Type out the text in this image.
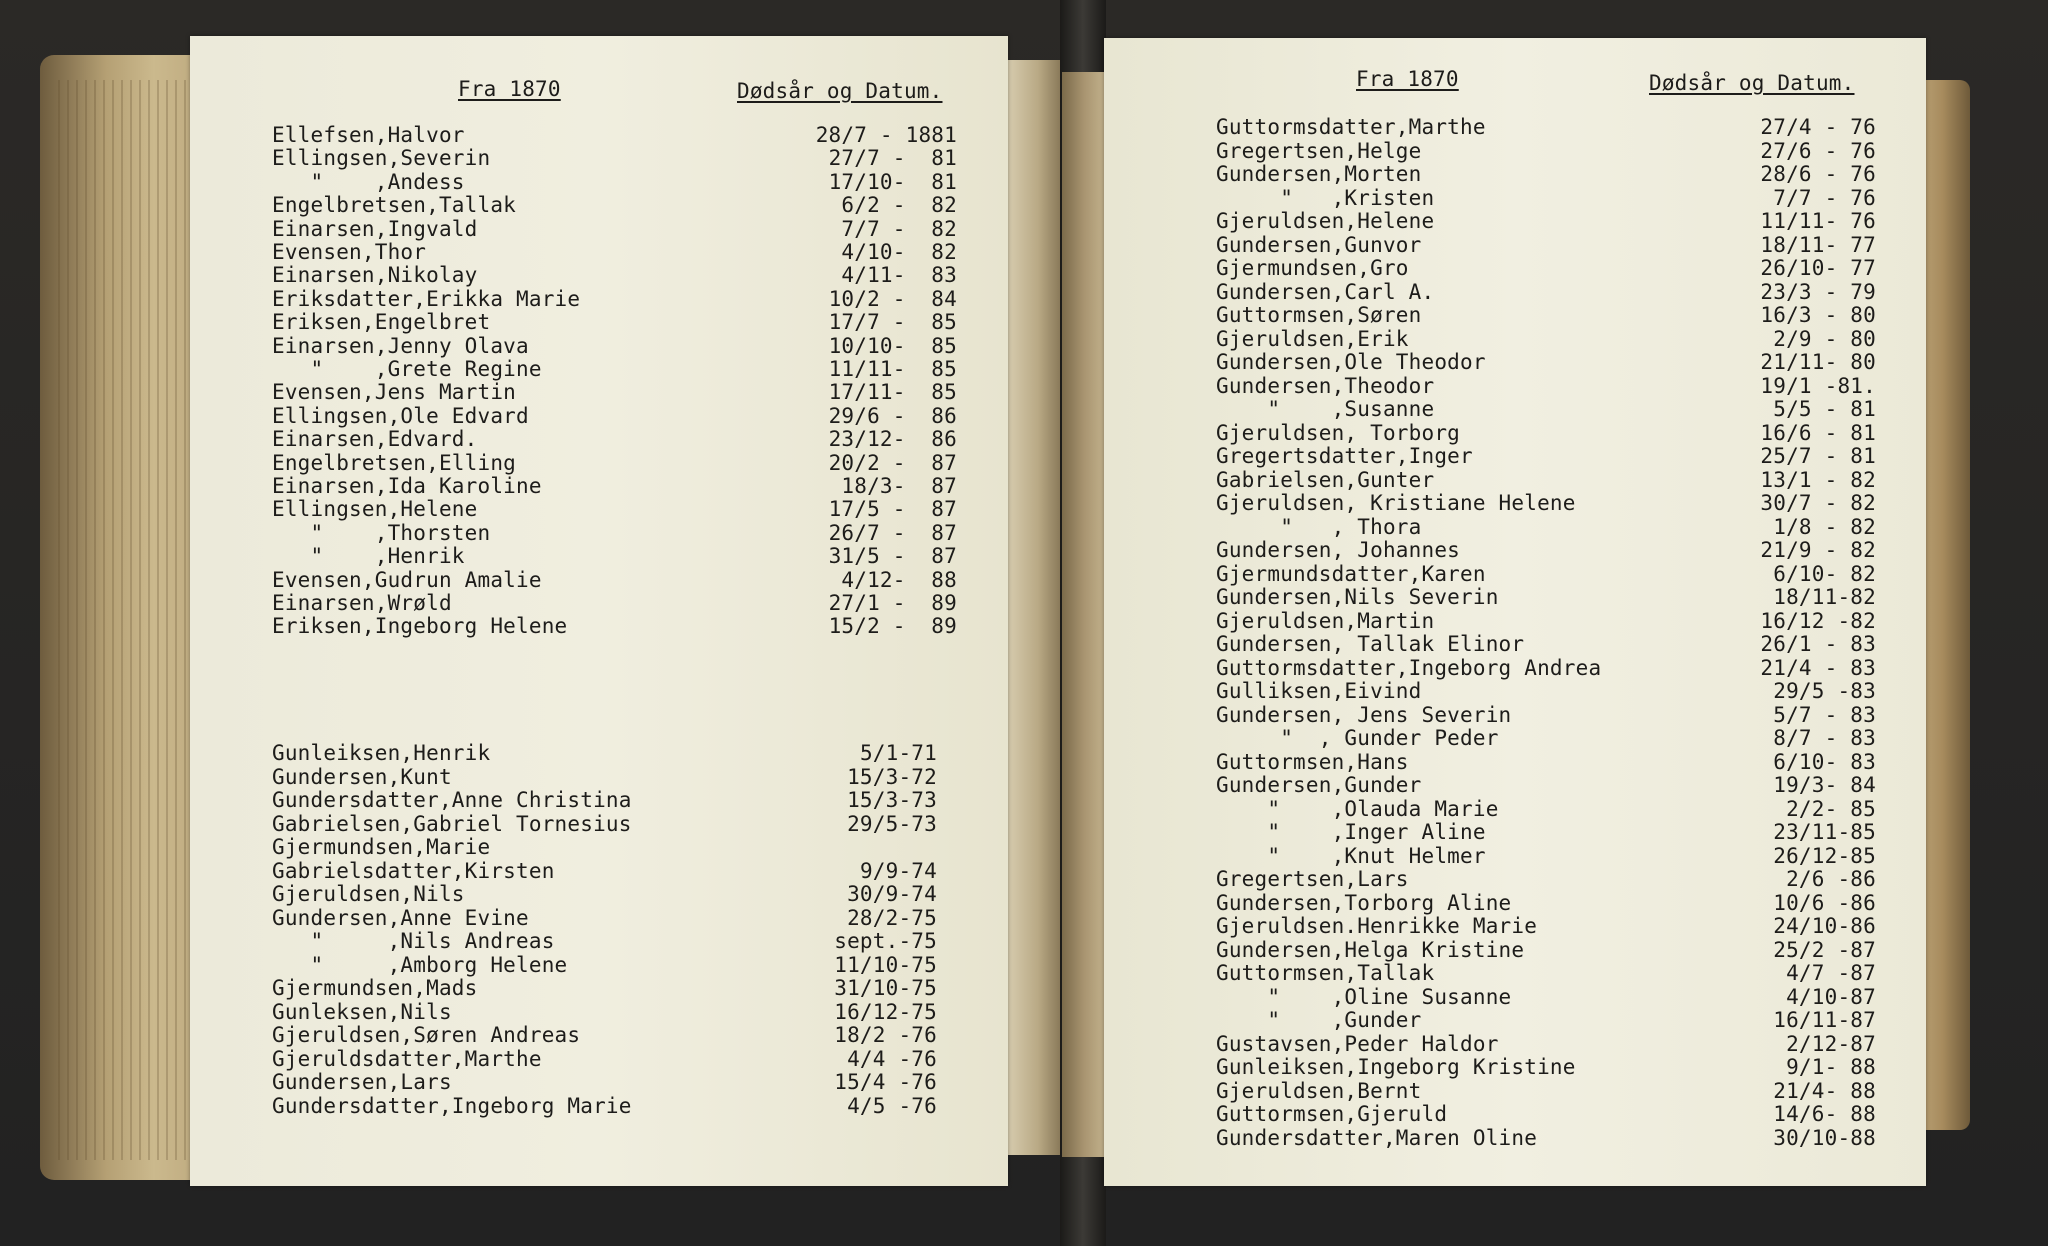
Fra 1870	Dødsår og Datum.
Ellefsen,Halvor	28/7 - 1881
Ellingsen,Severin	27/7 -  81
"    ,Andess	17/10-  81
Engelbretsen,Tallak	6/2 -  82
Einarsen,Ingvald	7/7 -  82
Evensen,Thor	4/10-  82
Einarsen,Nikolay	4/11-  83
Eriksdatter,Erikka Marie	10/2 -  84
Eriksen,Engelbret	17/7 -  85
Einarsen,Jenny Olava	10/10-  85
"    ,Grete Regine	11/11-  85
Evensen,Jens Martin	17/11-  85
Ellingsen,Ole Edvard	29/6 -  86
Einarsen,Edvard.	23/12-  86
Engelbretsen,Elling	20/2 -  87
Einarsen,Ida Karoline	18/3-  87
Ellingsen,Helene	17/5 -  87
"    ,Thorsten	26/7 -  87
"    ,Henrik	31/5 -  87
Evensen,Gudrun Amalie	4/12-  88
Einarsen,Wrøld	27/1 -  89
Eriksen,Ingeborg Helene	15/2 -  89
Gunleiksen,Henrik	5/1-71
Gundersen,Kunt	15/3-72
Gundersdatter,Anne Christina	15/3-73
Gabrielsen,Gabriel Tornesius	29/5-73
Gjermundsen,Marie
Gabrielsdatter,Kirsten	9/9-74
Gjeruldsen,Nils	30/9-74
Gundersen,Anne Evine	28/2-75
"     ,Nils Andreas	sept.-75
"     ,Amborg Helene	11/10-75
Gjermundsen,Mads	31/10-75
Gunleksen,Nils	16/12-75
Gjeruldsen,Søren Andreas	18/2 -76
Gjeruldsdatter,Marthe	4/4 -76
Gundersen,Lars	15/4 -76
Gundersdatter,Ingeborg Marie	4/5 -76
Fra 1870	Dødsår og Datum.
Guttormsdatter,Marthe	27/4 - 76
Gregertsen,Helge	27/6 - 76
Gundersen,Morten	28/6 - 76
"   ,Kristen	7/7 - 76
Gjeruldsen,Helene	11/11- 76
Gundersen,Gunvor	18/11- 77
Gjermundsen,Gro	26/10- 77
Gundersen,Carl A.	23/3 - 79
Guttormsen,Søren	16/3 - 80
Gjeruldsen,Erik	2/9 - 80
Gundersen,Ole Theodor	21/11- 80
Gundersen,Theodor	19/1 -81.
"    ,Susanne	5/5 - 81
Gjeruldsen, Torborg	16/6 - 81
Gregertsdatter,Inger	25/7 - 81
Gabrielsen,Gunter	13/1 - 82
Gjeruldsen, Kristiane Helene	30/7 - 82
"   , Thora	1/8 - 82
Gundersen, Johannes	21/9 - 82
Gjermundsdatter,Karen	6/10- 82
Gundersen,Nils Severin	18/11-82
Gjeruldsen,Martin	16/12 -82
Gundersen, Tallak Elinor	26/1 - 83
Guttormsdatter,Ingeborg Andrea	21/4 - 83
Gulliksen,Eivind	29/5 -83
Gundersen, Jens Severin	5/7 - 83
"  , Gunder Peder	8/7 - 83
Guttormsen,Hans	6/10- 83
Gundersen,Gunder	19/3- 84
"    ,Olauda Marie	2/2- 85
"    ,Inger Aline	23/11-85
"    ,Knut Helmer	26/12-85
Gregertsen,Lars	2/6 -86
Gundersen,Torborg Aline	10/6 -86
Gjeruldsen.Henrikke Marie	24/10-86
Gundersen,Helga Kristine	25/2 -87
Guttormsen,Tallak	4/7 -87
"    ,Oline Susanne	4/10-87
"    ,Gunder	16/11-87
Gustavsen,Peder Haldor	2/12-87
Gunleiksen,Ingeborg Kristine	9/1- 88
Gjeruldsen,Bernt	21/4- 88
Guttormsen,Gjeruld	14/6- 88
Gundersdatter,Maren Oline	30/10-88
